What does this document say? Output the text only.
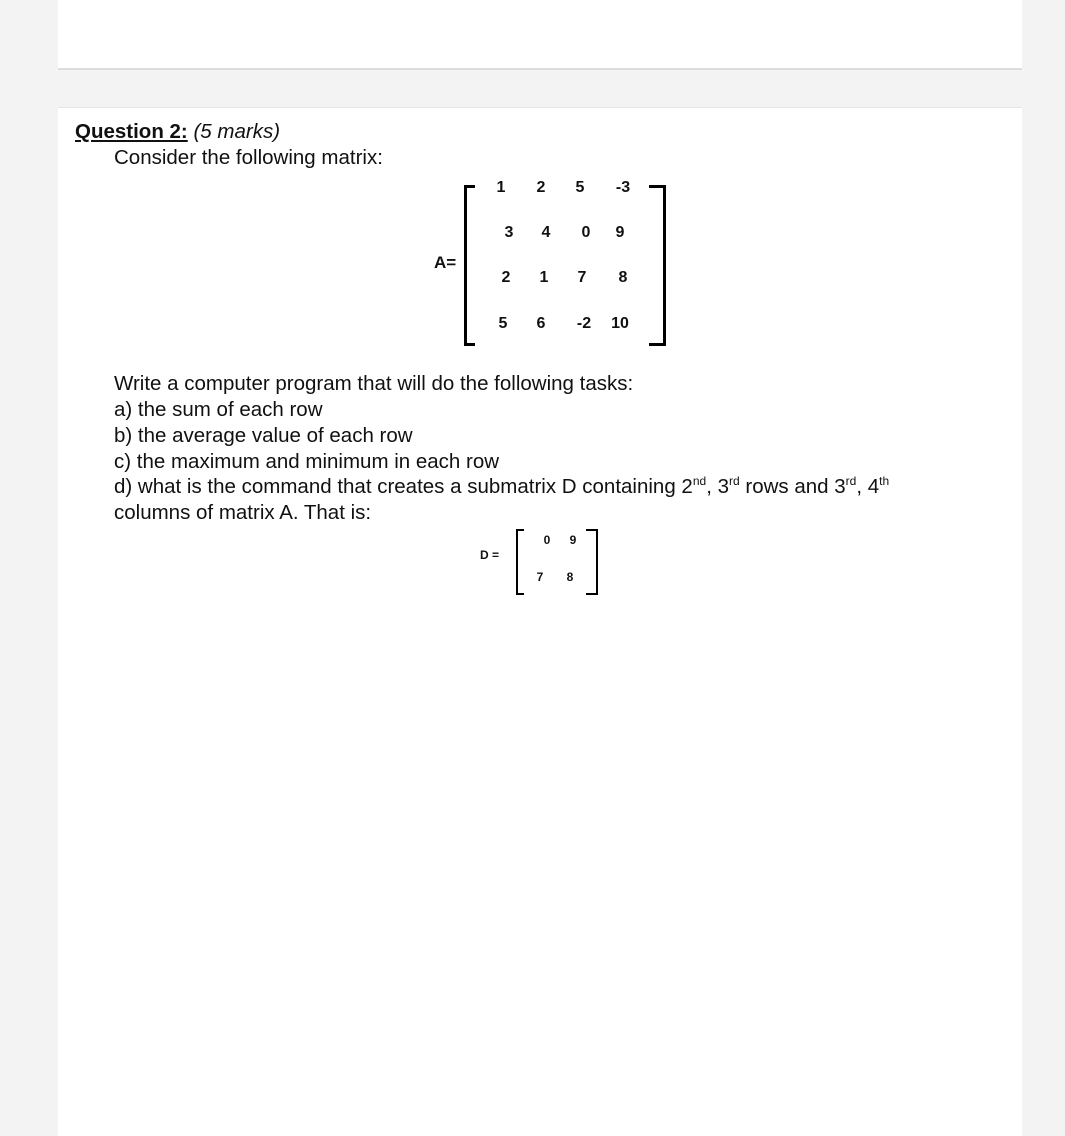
Question 2: (5 marks)
Consider the following matrix:
A=
1	2	5	-3
3	4	0	9
2	1	7	8
5	6	-2	10
Write a computer program that will do the following tasks:
a) the sum of each row
b) the average value of each row
c) the maximum and minimum in each row
d) what is the command that creates a submatrix D containing 2nd, 3rd rows and 3rd, 4th
columns of matrix A. That is:
D =
0	9
7	8
